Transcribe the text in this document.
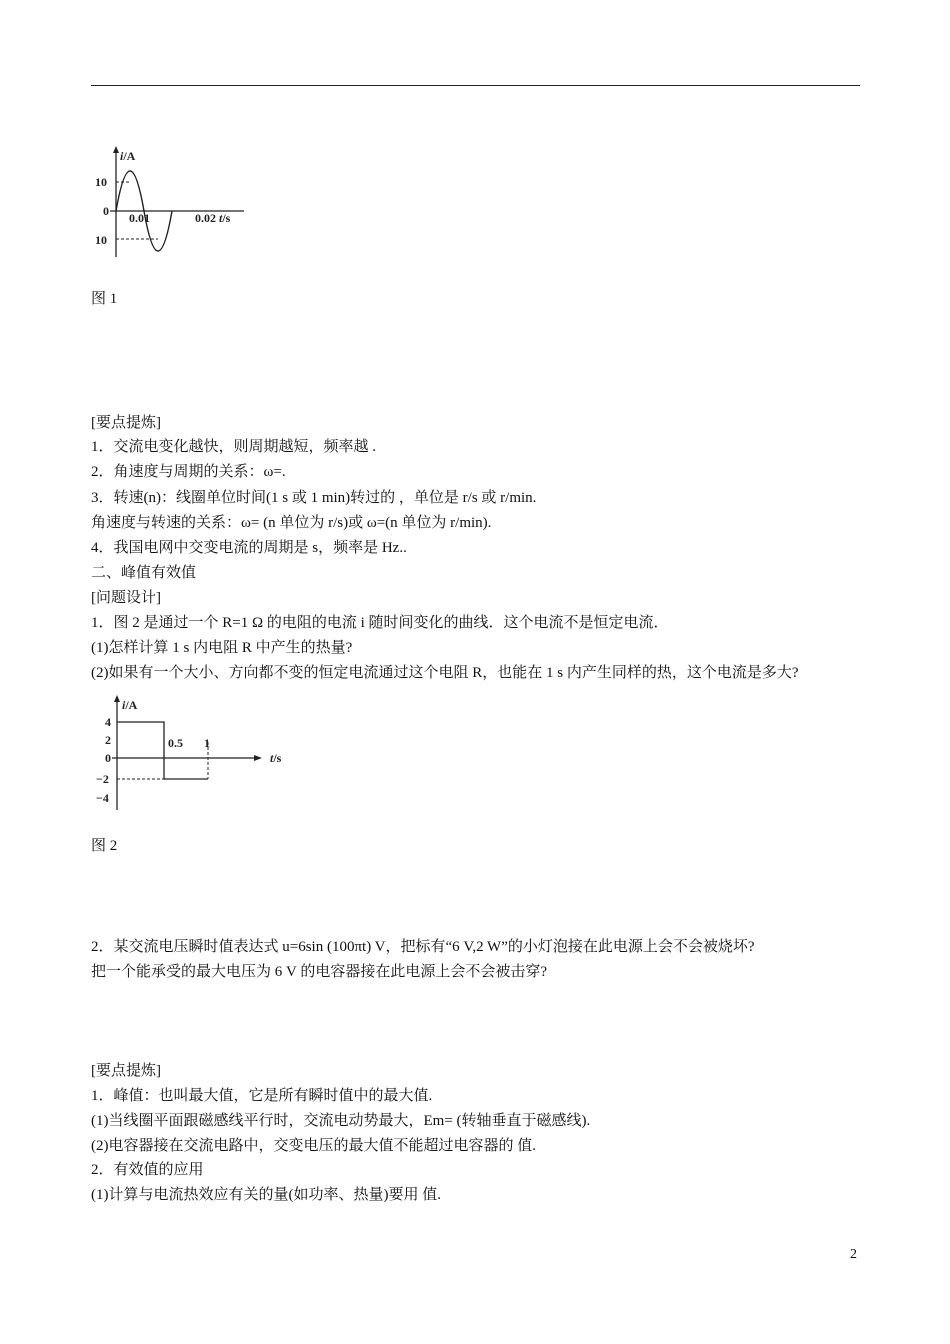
i/A
10
0
10
0.01	0.02 t/s
图 1
[要点提炼]
1．交流电变化越快，则周期越短，频率越 .
2．角速度与周期的关系：ω=.
3．转速(n)：线圈单位时间(1 s 或 1 min)转过的 ，单位是 r/s 或 r/min.
角速度与转速的关系：ω= (n 单位为 r/s)或 ω=(n 单位为 r/min).
4．我国电网中交变电流的周期是 s，频率是 Hz..
二、峰值有效值
[问题设计]
1．图 2 是通过一个 R=1 Ω 的电阻的电流 i 随时间变化的曲线．这个电流不是恒定电流．
(1)怎样计算 1 s 内电阻 R 中产生的热量?
(2)如果有一个大小、方向都不变的恒定电流通过这个电阻 R，也能在 1 s 内产生同样的热，这个电流是多大?
i/A
4
2
0
−2
−4
0.5 1
t/s
图 2
2．某交流电压瞬时值表达式 u=6sin (100πt) V，把标有“6 V,2 W”的小灯泡接在此电源上会不会被烧坏?
把一个能承受的最大电压为 6 V 的电容器接在此电源上会不会被击穿?
[要点提炼]
1．峰值：也叫最大值，它是所有瞬时值中的最大值.
(1)当线圈平面跟磁感线平行时，交流电动势最大，Em= (转轴垂直于磁感线).
(2)电容器接在交流电路中，交变电压的最大值不能超过电容器的 值.
2．有效值的应用
(1)计算与电流热效应有关的量(如功率、热量)要用 值.
2
